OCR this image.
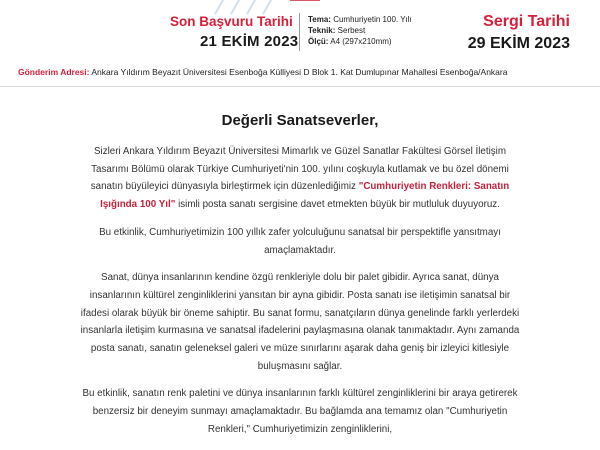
Son Başvuru Tarihi
21 EKİM 2023
Tema: Cumhuriyetin 100. Yılı
Teknik: Serbest
Ölçü: A4 (297x210mm)
Sergi Tarihi
29 EKİM 2023
Gönderim Adresi: Ankara Yıldırım Beyazıt Üniversitesi Esenboğa Külliyesi D Blok 1. Kat Dumlupınar Mahallesi Esenboğa/Ankara

Değerli Sanatseverler,

Sizleri Ankara Yıldırım Beyazıt Üniversitesi Mimarlık ve Güzel Sanatlar Fakültesi Görsel İletişim Tasarımı Bölümü olarak Türkiye Cumhuriyeti'nin 100. yılını coşkuyla kutlamak ve bu özel dönemi sanatın büyüleyici dünyasıyla birleştirmek için düzenlediğimiz "Cumhuriyetin Renkleri: Sanatın Işığında 100 Yıl" isimli posta sanatı sergisine davet etmekten büyük bir mutluluk duyuyoruz.

Bu etkinlik, Cumhuriyetimizin 100 yıllık zafer yolculuğunu sanatsal bir perspektifle yansıtmayı amaçlamaktadır.

Sanat, dünya insanlarının kendine özgü renkleriyle dolu bir palet gibidir. Ayrıca sanat, dünya insanlarının kültürel zenginliklerini yansıtan bir ayna gibidir. Posta sanatı ise iletişimin sanatsal bir ifadesi olarak büyük bir öneme sahiptir. Bu sanat formu, sanatçıların dünya genelinde farklı yerlerdeki insanlarla iletişim kurmasına ve sanatsal ifadelerini paylaşmasına olanak tanımaktadır. Aynı zamanda posta sanatı, sanatın geleneksel galeri ve müze sınırlarını aşarak daha geniş bir izleyici kitlesiyle buluşmasını sağlar.

Bu etkinlik, sanatın renk paletini ve dünya insanlarının farklı kültürel zenginliklerini bir araya getirerek benzersiz bir deneyim sunmayı amaçlamaktadır. Bu bağlamda ana temamız olan "Cumhuriyetin Renkleri," Cumhuriyetimizin zenginliklerini,
